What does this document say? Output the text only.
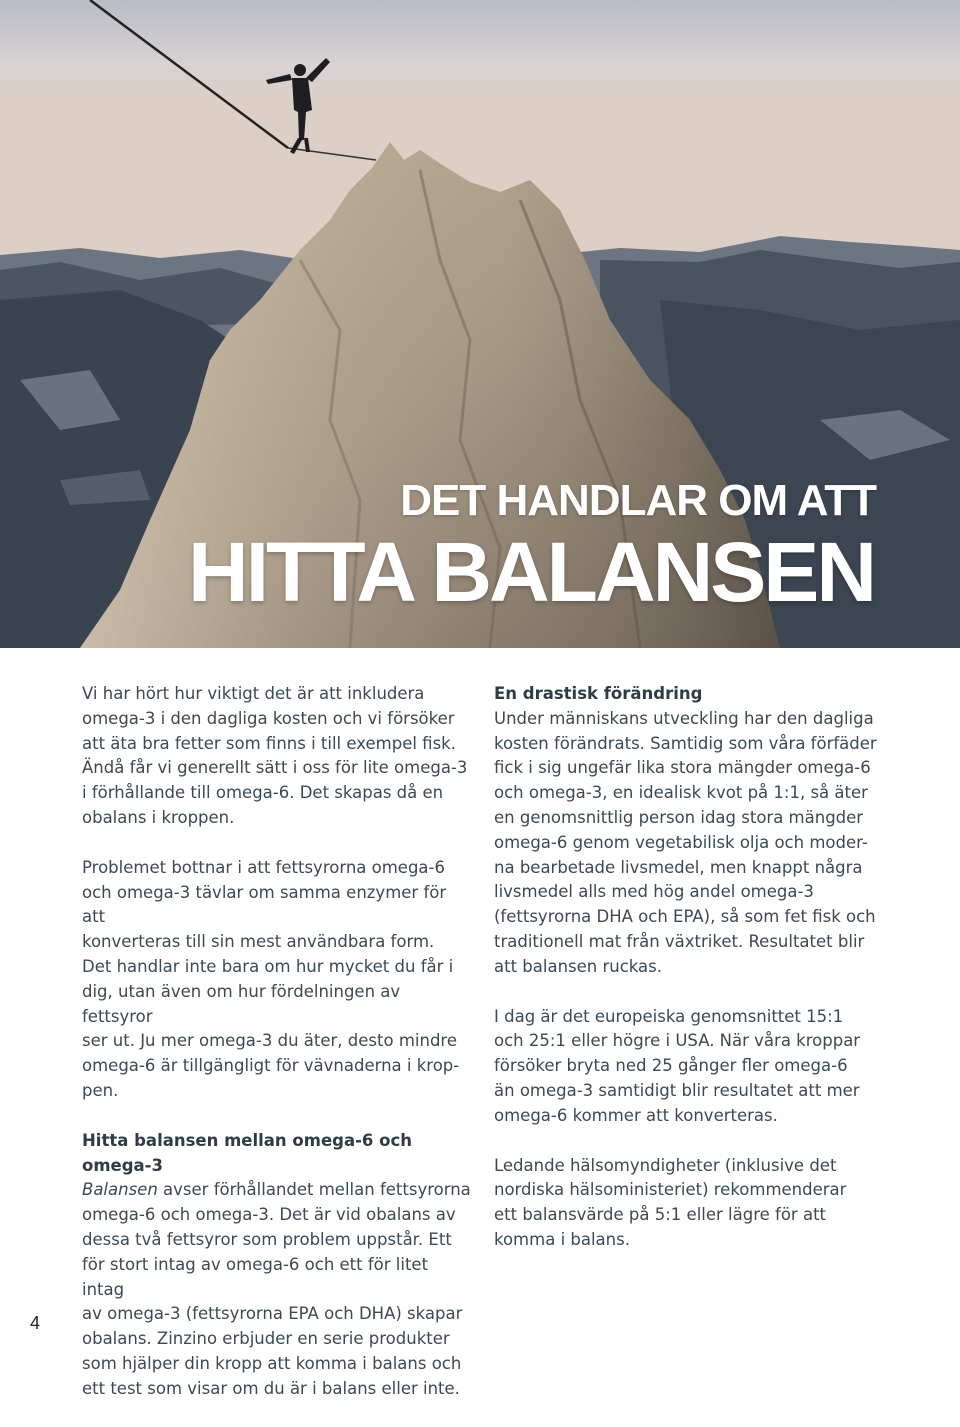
DET HANDLAR OM ATT
HITTA BALANSEN

Vi har hört hur viktigt det är att inkludera
omega-3 i den dagliga kosten och vi försöker
att äta bra fetter som finns i till exempel fisk.
Ändå får vi generellt sätt i oss för lite omega-3
i förhållande till omega-6. Det skapas då en
obalans i kroppen.

Problemet bottnar i att fettsyrorna omega-6
och omega-3 tävlar om samma enzymer för att
konverteras till sin mest användbara form.
Det handlar inte bara om hur mycket du får i
dig, utan även om hur fördelningen av fettsyror
ser ut. Ju mer omega-3 du äter, desto mindre
omega-6 är tillgängligt för vävnaderna i krop-
pen.

Hitta balansen mellan omega-6 och omega-3

Balansen avser förhållandet mellan fettsyrorna
omega-6 och omega-3. Det är vid obalans av
dessa två fettsyror som problem uppstår. Ett
för stort intag av omega-6 och ett för litet intag
av omega-3 (fettsyrorna EPA och DHA) skapar
obalans. Zinzino erbjuder en serie produkter
som hjälper din kropp att komma i balans och
ett test som visar om du är i balans eller inte.

En drastisk förändring

Under människans utveckling har den dagliga
kosten förändrats. Samtidig som våra förfäder
fick i sig ungefär lika stora mängder omega-6
och omega-3, en idealisk kvot på 1:1, så äter
en genomsnittlig person idag stora mängder
omega-6 genom vegetabilisk olja och moder-
na bearbetade livsmedel, men knappt några
livsmedel alls med hög andel omega-3
(fettsyrorna DHA och EPA), så som fet fisk och
traditionell mat från växtriket. Resultatet blir
att balansen ruckas.

I dag är det europeiska genomsnittet 15:1
och 25:1 eller högre i USA. När våra kroppar
försöker bryta ned 25 gånger fler omega-6
än omega-3 samtidigt blir resultatet att mer
omega-6 kommer att konverteras.

Ledande hälsomyndigheter (inklusive det
nordiska hälsoministeriet) rekommenderar
ett balansvärde på 5:1 eller lägre för att
komma i balans.

4
